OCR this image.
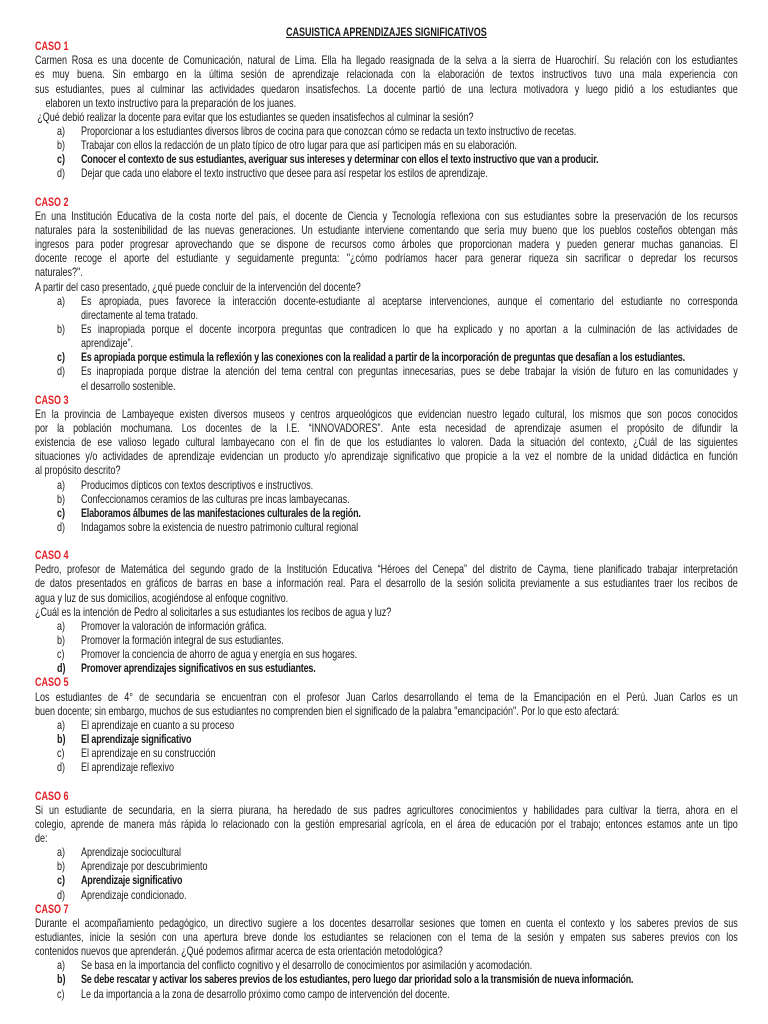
CASUISTICA APRENDIZAJES SIGNIFICATIVOS
CASO 1
Carmen Rosa es una docente de Comunicación, natural de Lima. Ella ha llegado reasignada de la selva a la sierra de Huarochirí. Su relación con los estudiantes
es muy buena. Sin embargo en la última sesión de aprendizaje relacionada con la elaboración de textos instructivos tuvo una mala experiencia con
sus estudiantes, pues al culminar las actividades quedaron insatisfechos. La docente partió de una lectura motivadora y luego pidió a los estudiantes que
elaboren un texto instructivo para la preparación de los juanes.
¿Qué debió realizar la docente para evitar que los estudiantes se queden insatisfechos al culminar la sesión?
a)	Proporcionar a los estudiantes diversos libros de cocina para que conozcan cómo se redacta un texto instructivo de recetas.
b)	Trabajar con ellos la redacción de un plato típico de otro lugar para que así participen más en su elaboración.
c)	Conocer el contexto de sus estudiantes, averiguar sus intereses y determinar con ellos el texto instructivo que van a producir.
d)	Dejar que cada uno elabore el texto instructivo que desee para así respetar los estilos de aprendizaje.
CASO 2
En una Institución Educativa de la costa norte del país, el docente de Ciencia y Tecnología reflexiona con sus estudiantes sobre la preservación de los recursos
naturales para la sostenibilidad de las nuevas generaciones. Un estudiante interviene comentando que sería muy bueno que los pueblos costeños obtengan más
ingresos para poder progresar aprovechando que se dispone de recursos como árboles que proporcionan madera y pueden generar muchas ganancias. El
docente recoge el aporte del estudiante y seguidamente pregunta: "¿cómo podríamos hacer para generar riqueza sin sacrificar o depredar los recursos
naturales?".
A partir del caso presentado, ¿qué puede concluir de la intervención del docente?
a)	Es apropiada, pues favorece la interacción docente-estudiante al aceptarse intervenciones, aunque el comentario del estudiante no corresponda
directamente al tema tratado.
b)	Es inapropiada porque el docente incorpora preguntas que contradicen lo que ha explicado y no aportan a la culminación de las actividades de
aprendizaje”.
c)	Es apropiada porque estimula la reflexión y las conexiones con la realidad a partir de la incorporación de preguntas que desafían a los estudiantes.
d)	Es inapropiada porque distrae la atención del tema central con preguntas innecesarias, pues se debe trabajar la visión de futuro en las comunidades y
el desarrollo sostenible.
CASO 3
En la provincia de Lambayeque existen diversos museos y centros arqueológicos que evidencian nuestro legado cultural, los mismos que son pocos conocidos
por la población mochumana. Los docentes de la I.E. “INNOVADORES”. Ante esta necesidad de aprendizaje asumen el propósito de difundir la
existencia de ese valioso legado cultural lambayecano con el fin de que los estudiantes lo valoren. Dada la situación del contexto, ¿Cuál de las siguientes
situaciones y/o actividades de aprendizaje evidencian un producto y/o aprendizaje significativo que propicie a la vez el nombre de la unidad didáctica en función
al propósito descrito?
a)	Producimos dípticos con textos descriptivos e instructivos.
b)	Confeccionamos ceramios de las culturas pre incas lambayecanas.
c)	Elaboramos álbumes de las manifestaciones culturales de la región.
d)	Indagamos sobre la existencia de nuestro patrimonio cultural regional
CASO 4
Pedro, profesor de Matemática del segundo grado de la Institución Educativa “Héroes del Cenepa” del distrito de Cayma, tiene planificado trabajar interpretación
de datos presentados en gráficos de barras en base a información real. Para el desarrollo de la sesión solicita previamente a sus estudiantes traer los recibos de
agua y luz de sus domicilios, acogiéndose al enfoque cognitivo.
¿Cuál es la intención de Pedro al solicitarles a sus estudiantes los recibos de agua y luz?
a)	Promover la valoración de información gráfica.
b)	Promover la formación integral de sus estudiantes.
c)	Promover la conciencia de ahorro de agua y energía en sus hogares.
d)	Promover aprendizajes significativos en sus estudiantes.
CASO 5
Los estudiantes de 4° de secundaria se encuentran con el profesor Juan Carlos desarrollando el tema de la Emancipación en el Perú. Juan Carlos es un
buen docente; sin embargo, muchos de sus estudiantes no comprenden bien el significado de la palabra "emancipación". Por lo que esto afectará:
a)	El aprendizaje en cuanto a su proceso
b)	El aprendizaje significativo
c)	El aprendizaje en su construcción
d)	El aprendizaje reflexivo
CASO 6
Si un estudiante de secundaria, en la sierra piurana, ha heredado de sus padres agricultores conocimientos y habilidades para cultivar la tierra, ahora en el
colegio, aprende de manera más rápida lo relacionado con la gestión empresarial agrícola, en el área de educación por el trabajo; entonces estamos ante un tipo
de:
a)	Aprendizaje sociocultural
b)	Aprendizaje por descubrimiento
c)	Aprendizaje significativo
d)	Aprendizaje condicionado.
CASO 7
Durante el acompañamiento pedagógico, un directivo sugiere a los docentes desarrollar sesiones que tomen en cuenta el contexto y los saberes previos de sus
estudiantes, inicie la sesión con una apertura breve donde los estudiantes se relacionen con el tema de la sesión y empaten sus saberes previos con los
contenidos nuevos que aprenderán. ¿Qué podemos afirmar acerca de esta orientación metodológica?
a)	Se basa en la importancia del conflicto cognitivo y el desarrollo de conocimientos por asimilación y acomodación.
b)	Se debe rescatar y activar los saberes previos de los estudiantes, pero luego dar prioridad solo a la transmisión de nueva información.
c)	Le da importancia a la zona de desarrollo próximo como campo de intervención del docente.
